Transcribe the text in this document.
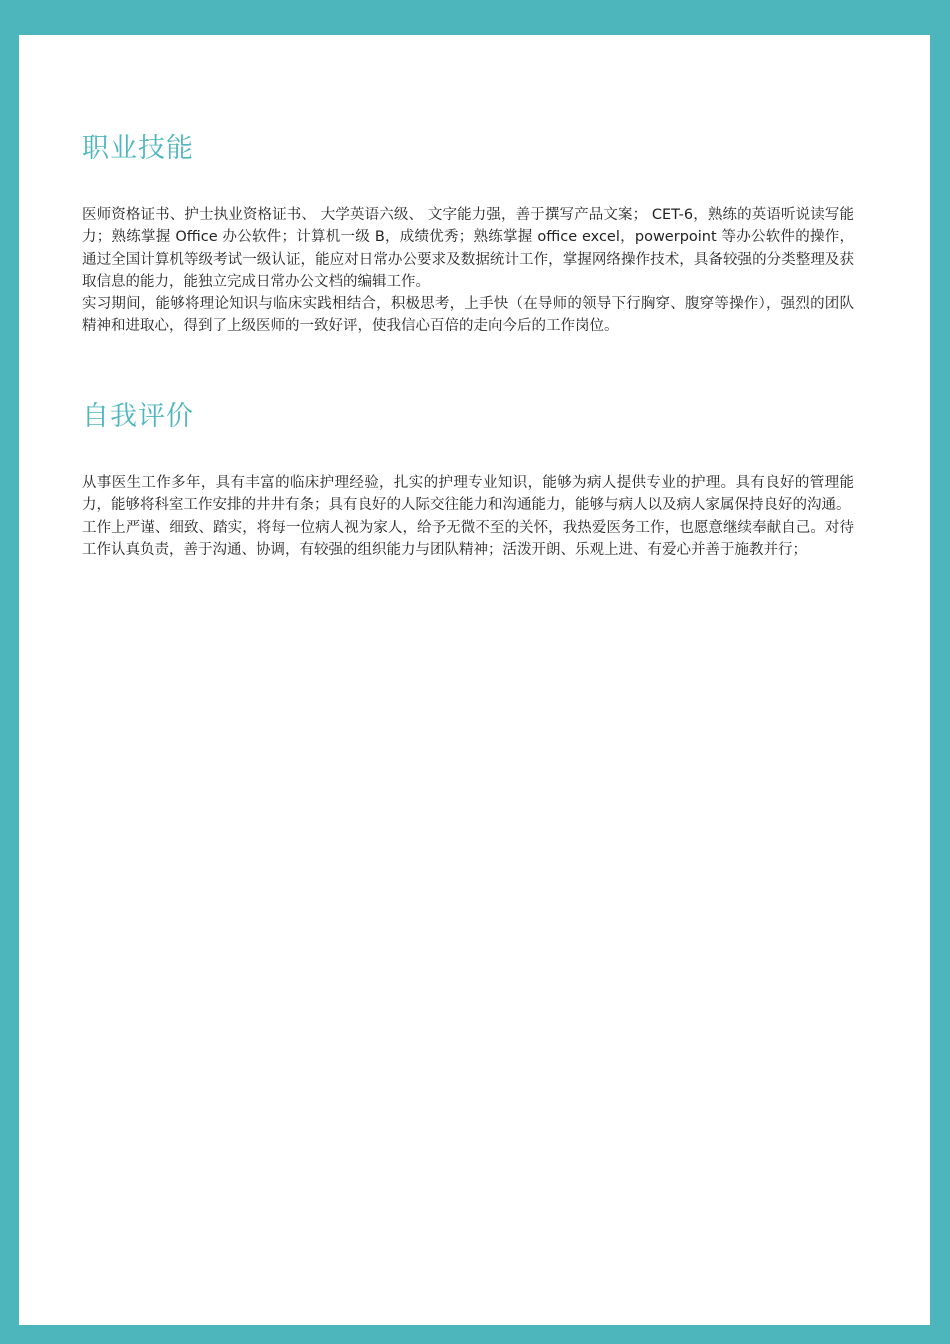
职业技能

医师资格证书、护士执业资格证书、 大学英语六级、 文字能力强，善于撰写产品文案； CET-6，熟练的英语听说读写能力；熟练掌握 Office 办公软件；计算机一级 B，成绩优秀；熟练掌握 office excel，powerpoint 等办公软件的操作，通过全国计算机等级考试一级认证，能应对日常办公要求及数据统计工作，掌握网络操作技术，具备较强的分类整理及获取信息的能力，能独立完成日常办公文档的编辑工作。

实习期间，能够将理论知识与临床实践相结合，积极思考，上手快（在导师的领导下行胸穿、腹穿等操作），强烈的团队精神和进取心，得到了上级医师的一致好评，使我信心百倍的走向今后的工作岗位。

自我评价

从事医生工作多年，具有丰富的临床护理经验，扎实的护理专业知识，能够为病人提供专业的护理。具有良好的管理能力，能够将科室工作安排的井井有条；具有良好的人际交往能力和沟通能力，能够与病人以及病人家属保持良好的沟通。

工作上严谨、细致、踏实，将每一位病人视为家人，给予无微不至的关怀，我热爱医务工作，也愿意继续奉献自己。对待工作认真负责，善于沟通、协调，有较强的组织能力与团队精神；活泼开朗、乐观上进、有爱心并善于施教并行；
